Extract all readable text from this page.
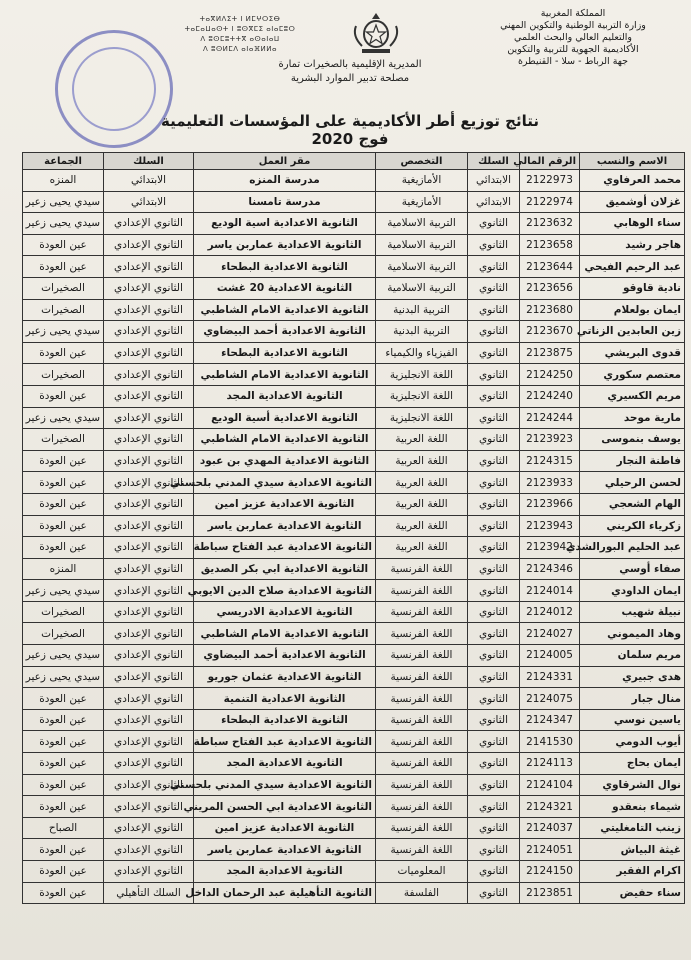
ⵜⴰⴳⵍⴷⵉⵜ ⵏ ⵍⵎⵖⵔⵉⴱ
ⵜⴰⵎⴰⵡⴰⵙⵜ ⵏ ⵓⵙⴳⵎⵉ ⴰⵏⴰⵎⵓⵔ
ⴷ ⵓⵙⵎⵓⵜⵜⴳ ⴰⵙⴰⵏⴰⵡ
ⴷ ⵓⵙⵍⵎⴷ ⴰⵏⴰⴼⵍⵍⴰ
المملكة المغربية
وزارة التربية الوطنية والتكوين المهني
والتعليم العالي والبحث العلمي
الأكاديمية الجهوية للتربية والتكوين
جهة الرباط - سلا - القنيطرة
المديرية الإقليمية بالصخيرات تمارة
مصلحة تدبير الموارد البشرية
نتائج توزيع أطر الأكاديمية على المؤسسات التعليمية فوج 2020
الاسم والنسب	الرقم المالي	السلك	التخصص	مقر العمل	السلك	الجماعة
محمد العرفاوي	2122973	الابتدائي	الأمازيغية	مدرسة المنزه	الابتدائي	المنزه
غزلان أوشميق	2122974	الابتدائي	الأمازيغية	مدرسة تامسنا	الابتدائي	سيدي يحيى زعير
سناء الوهابي	2123632	الثانوي	التربية الاسلامية	الثانوية الاعدادية اسية الوديع	الثانوي الإعدادي	سيدي يحيى زعير
هاجر رشيد	2123658	الثانوي	التربية الاسلامية	الثانوية الاعدادية عماربن ياسر	الثانوي الإعدادي	عين العودة
عبد الرحيم الفيحي	2123644	الثانوي	التربية الاسلامية	الثانوية الاعدادية البطحاء	الثانوي الإعدادي	عين العودة
نادية قاوقو	2123656	الثانوي	التربية الاسلامية	الثانوية الاعدادية 20 غشت	الثانوي الإعدادي	الصخيرات
ايمان بولعلام	2123680	الثانوي	التربية البدنية	الثانوية الاعدادية الامام الشاطبي	الثانوي الإعدادي	الصخيرات
زين العابدين الزناتي	2123670	الثانوي	التربية البدنية	الثانوية الاعدادية أحمد البيضاوي	الثانوي الإعدادي	سيدي يحيى زعير
قدوى البريشي	2123875	الثانوي	الفيزياء والكيمياء	الثانوية الاعدادية البطحاء	الثانوي الإعدادي	عين العودة
معتصم سكوري	2124250	الثانوي	اللغة الانجليزية	الثانوية الاعدادية الامام الشاطبي	الثانوي الإعدادي	الصخيرات
مريم الكسيري	2124240	الثانوي	اللغة الانجليزية	الثانوية الاعدادية المجد	الثانوي الإعدادي	عين العودة
مارية موحد	2124244	الثانوي	اللغة الانجليزية	الثانوية الاعدادية أسية الوديع	الثانوي الإعدادي	سيدي يحيى زعير
يوسف بنموسى	2123923	الثانوي	اللغة العربية	الثانوية الاعدادية الامام الشاطبي	الثانوي الإعدادي	الصخيرات
فاطنة النجار	2124315	الثانوي	اللغة العربية	الثانوية الاعدادية المهدي بن عبود	الثانوي الإعدادي	عين العودة
لحسن الرحيلي	2123933	الثانوي	اللغة العربية	الثانوية الاعدادية سيدي المدني بلحسني	الثانوي الإعدادي	عين العودة
الهام الشعجي	2123966	الثانوي	اللغة العربية	الثانوية الاعدادية عزيز امين	الثانوي الإعدادي	عين العودة
زكرياء الكريني	2123943	الثانوي	اللغة العربية	الثانوية الاعدادية عماربن ياسر	الثانوي الإعدادي	عين العودة
عبد الحليم البورالشدي	2123942	الثانوي	اللغة العربية	الثانوية الاعدادية عبد الفتاح سباطة	الثانوي الإعدادي	عين العودة
صفاء أوسي	2124346	الثانوي	اللغة الفرنسية	الثانوية الاعدادية ابي بكر الصديق	الثانوي الإعدادي	المنزه
ايمان الداودي	2124014	الثانوي	اللغة الفرنسية	الثانوية الاعدادية صلاح الدين الايوبي	الثانوي الإعدادي	سيدي يحيى زعير
نبيلة شهيب	2124012	الثانوي	اللغة الفرنسية	الثانوية الاعدادية الادريسي	الثانوي الإعدادي	الصخيرات
وهاد الميموني	2124027	الثانوي	اللغة الفرنسية	الثانوية الاعدادية الامام الشاطبي	الثانوي الإعدادي	الصخيرات
مريم سلمان	2124005	الثانوي	اللغة الفرنسية	الثانوية الاعدادية أحمد البيضاوي	الثانوي الإعدادي	سيدي يحيى زعير
هدى جبيري	2124331	الثانوي	اللغة الفرنسية	الثانوية الاعدادية عثمان جوريو	الثانوي الإعدادي	سيدي يحيى زعير
منال جبار	2124075	الثانوي	اللغة الفرنسية	الثانوية الاعدادية التنمية	الثانوي الإعدادي	عين العودة
ياسين نوسي	2124347	الثانوي	اللغة الفرنسية	الثانوية الاعدادية البطحاء	الثانوي الإعدادي	عين العودة
أيوب الدومي	2141530	الثانوي	اللغة الفرنسية	الثانوية الاعدادية عبد الفتاح سباطة	الثانوي الإعدادي	عين العودة
ايمان بحاج	2124113	الثانوي	اللغة الفرنسية	الثانوية الاعدادية المجد	الثانوي الإعدادي	عين العودة
نوال الشرقاوي	2124104	الثانوي	اللغة الفرنسية	الثانوية الاعدادية سيدي المدني بلحسني	الثانوي الإعدادي	عين العودة
شيماء بنعقدو	2124321	الثانوي	اللغة الفرنسية	الثانوية الاعدادية ابي الحسن المريني	الثانوي الإعدادي	عين العودة
زينب التامغليتي	2124037	الثانوي	اللغة الفرنسية	الثانوية الاعدادية عزيز امين	الثانوي الإعدادي	الصباح
غيثة البياش	2124051	الثانوي	اللغة الفرنسية	الثانوية الاعدادية عماربن ياسر	الثانوي الإعدادي	عين العودة
اكرام الفقير	2124150	الثانوي	المعلوميات	الثانوية الاعدادية المجد	الثانوي الإعدادي	عين العودة
سناء حفيض	2123851	الثانوي	الفلسفة	الثانوية التأهيلية عبد الرحمان الداخل	السلك التأهيلي	عين العودة
